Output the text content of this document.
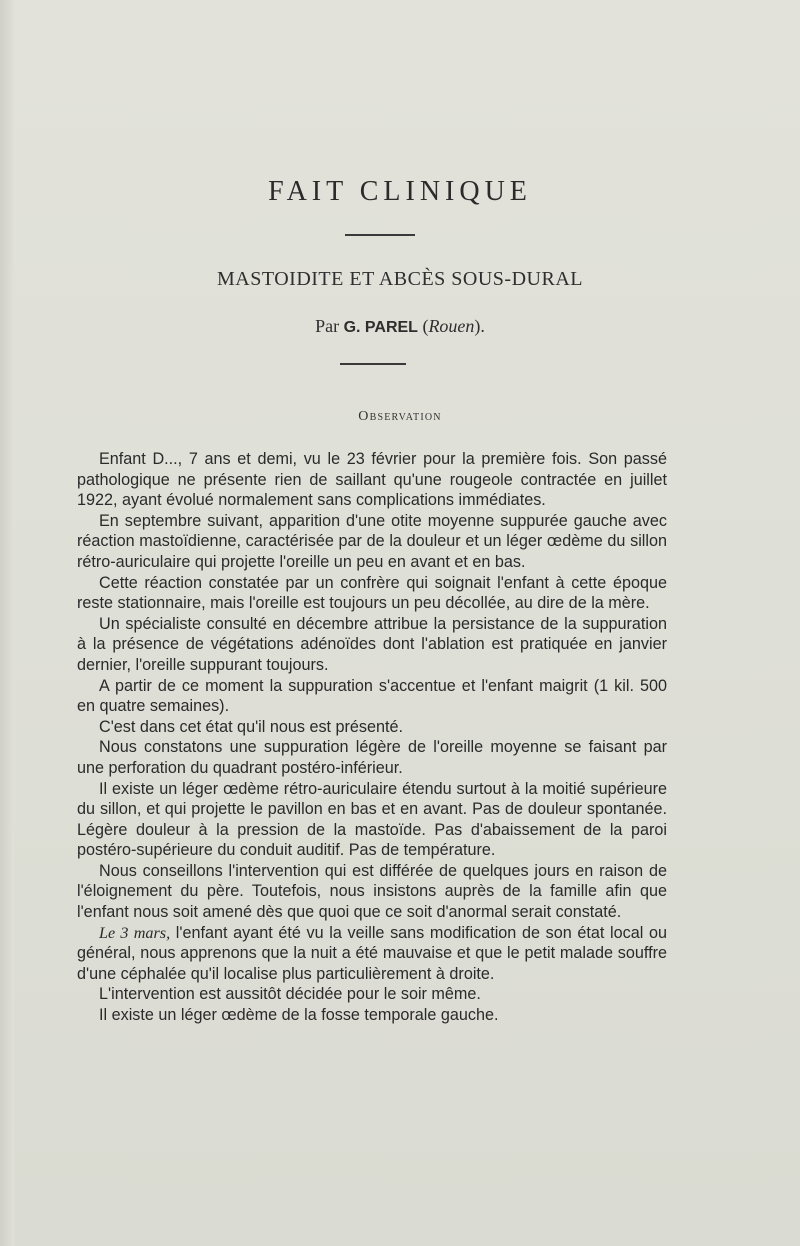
FAIT CLINIQUE
MASTOIDITE ET ABCÈS SOUS-DURAL
Par G. PAREL (Rouen).
Observation

Enfant D..., 7 ans et demi, vu le 23 février pour la première fois. Son passé pathologique ne présente rien de saillant qu'une rougeole contractée en juillet 1922, ayant évolué normalement sans complications immédiates.

En septembre suivant, apparition d'une otite moyenne suppurée gauche avec réaction mastoïdienne, caractérisée par de la douleur et un léger œdème du sillon rétro-auriculaire qui projette l'oreille un peu en avant et en bas.

Cette réaction constatée par un confrère qui soignait l'enfant à cette époque reste stationnaire, mais l'oreille est toujours un peu décollée, au dire de la mère.

Un spécialiste consulté en décembre attribue la persistance de la suppuration à la présence de végétations adénoïdes dont l'ablation est pratiquée en janvier dernier, l'oreille suppurant toujours.

A partir de ce moment la suppuration s'accentue et l'enfant maigrit (1 kil. 500 en quatre semaines).

C'est dans cet état qu'il nous est présenté.

Nous constatons une suppuration légère de l'oreille moyenne se faisant par une perforation du quadrant postéro-inférieur.

Il existe un léger œdème rétro-auriculaire étendu surtout à la moitié supérieure du sillon, et qui projette le pavillon en bas et en avant. Pas de douleur spontanée. Légère douleur à la pression de la mastoïde. Pas d'abaissement de la paroi postéro-supérieure du conduit auditif. Pas de température.

Nous conseillons l'intervention qui est différée de quelques jours en raison de l'éloignement du père. Toutefois, nous insistons auprès de la famille afin que l'enfant nous soit amené dès que quoi que ce soit d'anormal serait constaté.

Le 3 mars, l'enfant ayant été vu la veille sans modification de son état local ou général, nous apprenons que la nuit a été mauvaise et que le petit malade souffre d'une céphalée qu'il localise plus particulièrement à droite.

L'intervention est aussitôt décidée pour le soir même.

Il existe un léger œdème de la fosse temporale gauche.
